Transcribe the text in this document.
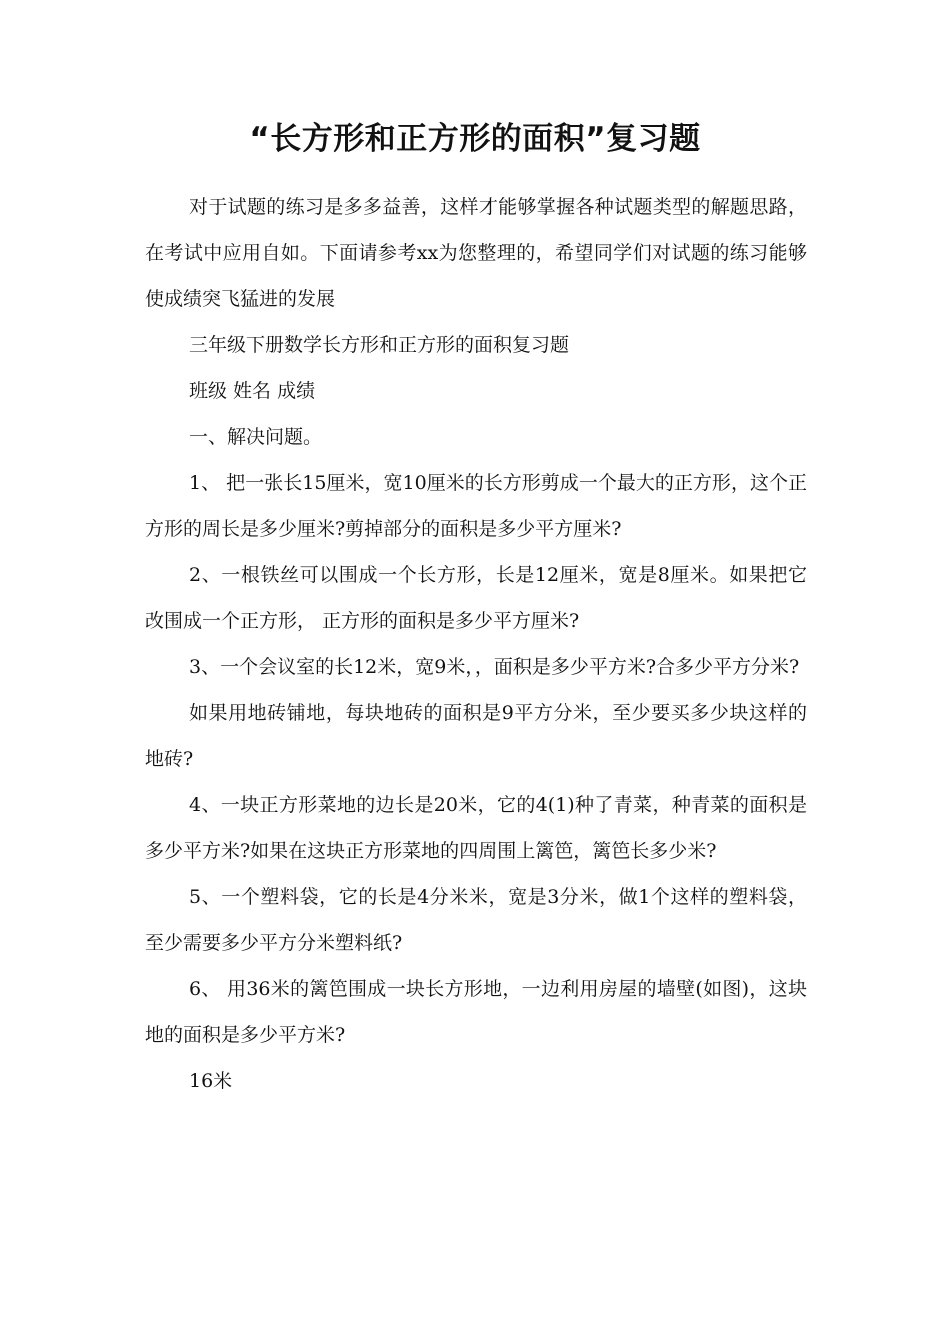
“长方形和正方形的面积”复习题

对于试题的练习是多多益善，这样才能够掌握各种试题类型的解题思路，在考试中应用自如。下面请参考xx为您整理的，希望同学们对试题的练习能够使成绩突飞猛进的发展

三年级下册数学长方形和正方形的面积复习题

班级 姓名 成绩

一、解决问题。

1、 把一张长15厘米，宽10厘米的长方形剪成一个最大的正方形，这个正方形的周长是多少厘米?剪掉部分的面积是多少平方厘米?

2、一根铁丝可以围成一个长方形，长是12厘米，宽是8厘米。如果把它改围成一个正方形， 正方形的面积是多少平方厘米?

3、一个会议室的长12米，宽9米，，面积是多少平方米?合多少平方分米?

如果用地砖铺地，每块地砖的面积是9平方分米，至少要买多少块这样的地砖?

4、一块正方形菜地的边长是20米，它的4(1)种了青菜，种青菜的面积是多少平方米?如果在这块正方形菜地的四周围上篱笆，篱笆长多少米?

5、一个塑料袋，它的长是4分米米，宽是3分米，做1个这样的塑料袋，至少需要多少平方分米塑料纸?

6、 用36米的篱笆围成一块长方形地，一边利用房屋的墙壁(如图)，这块地的面积是多少平方米?

16米
